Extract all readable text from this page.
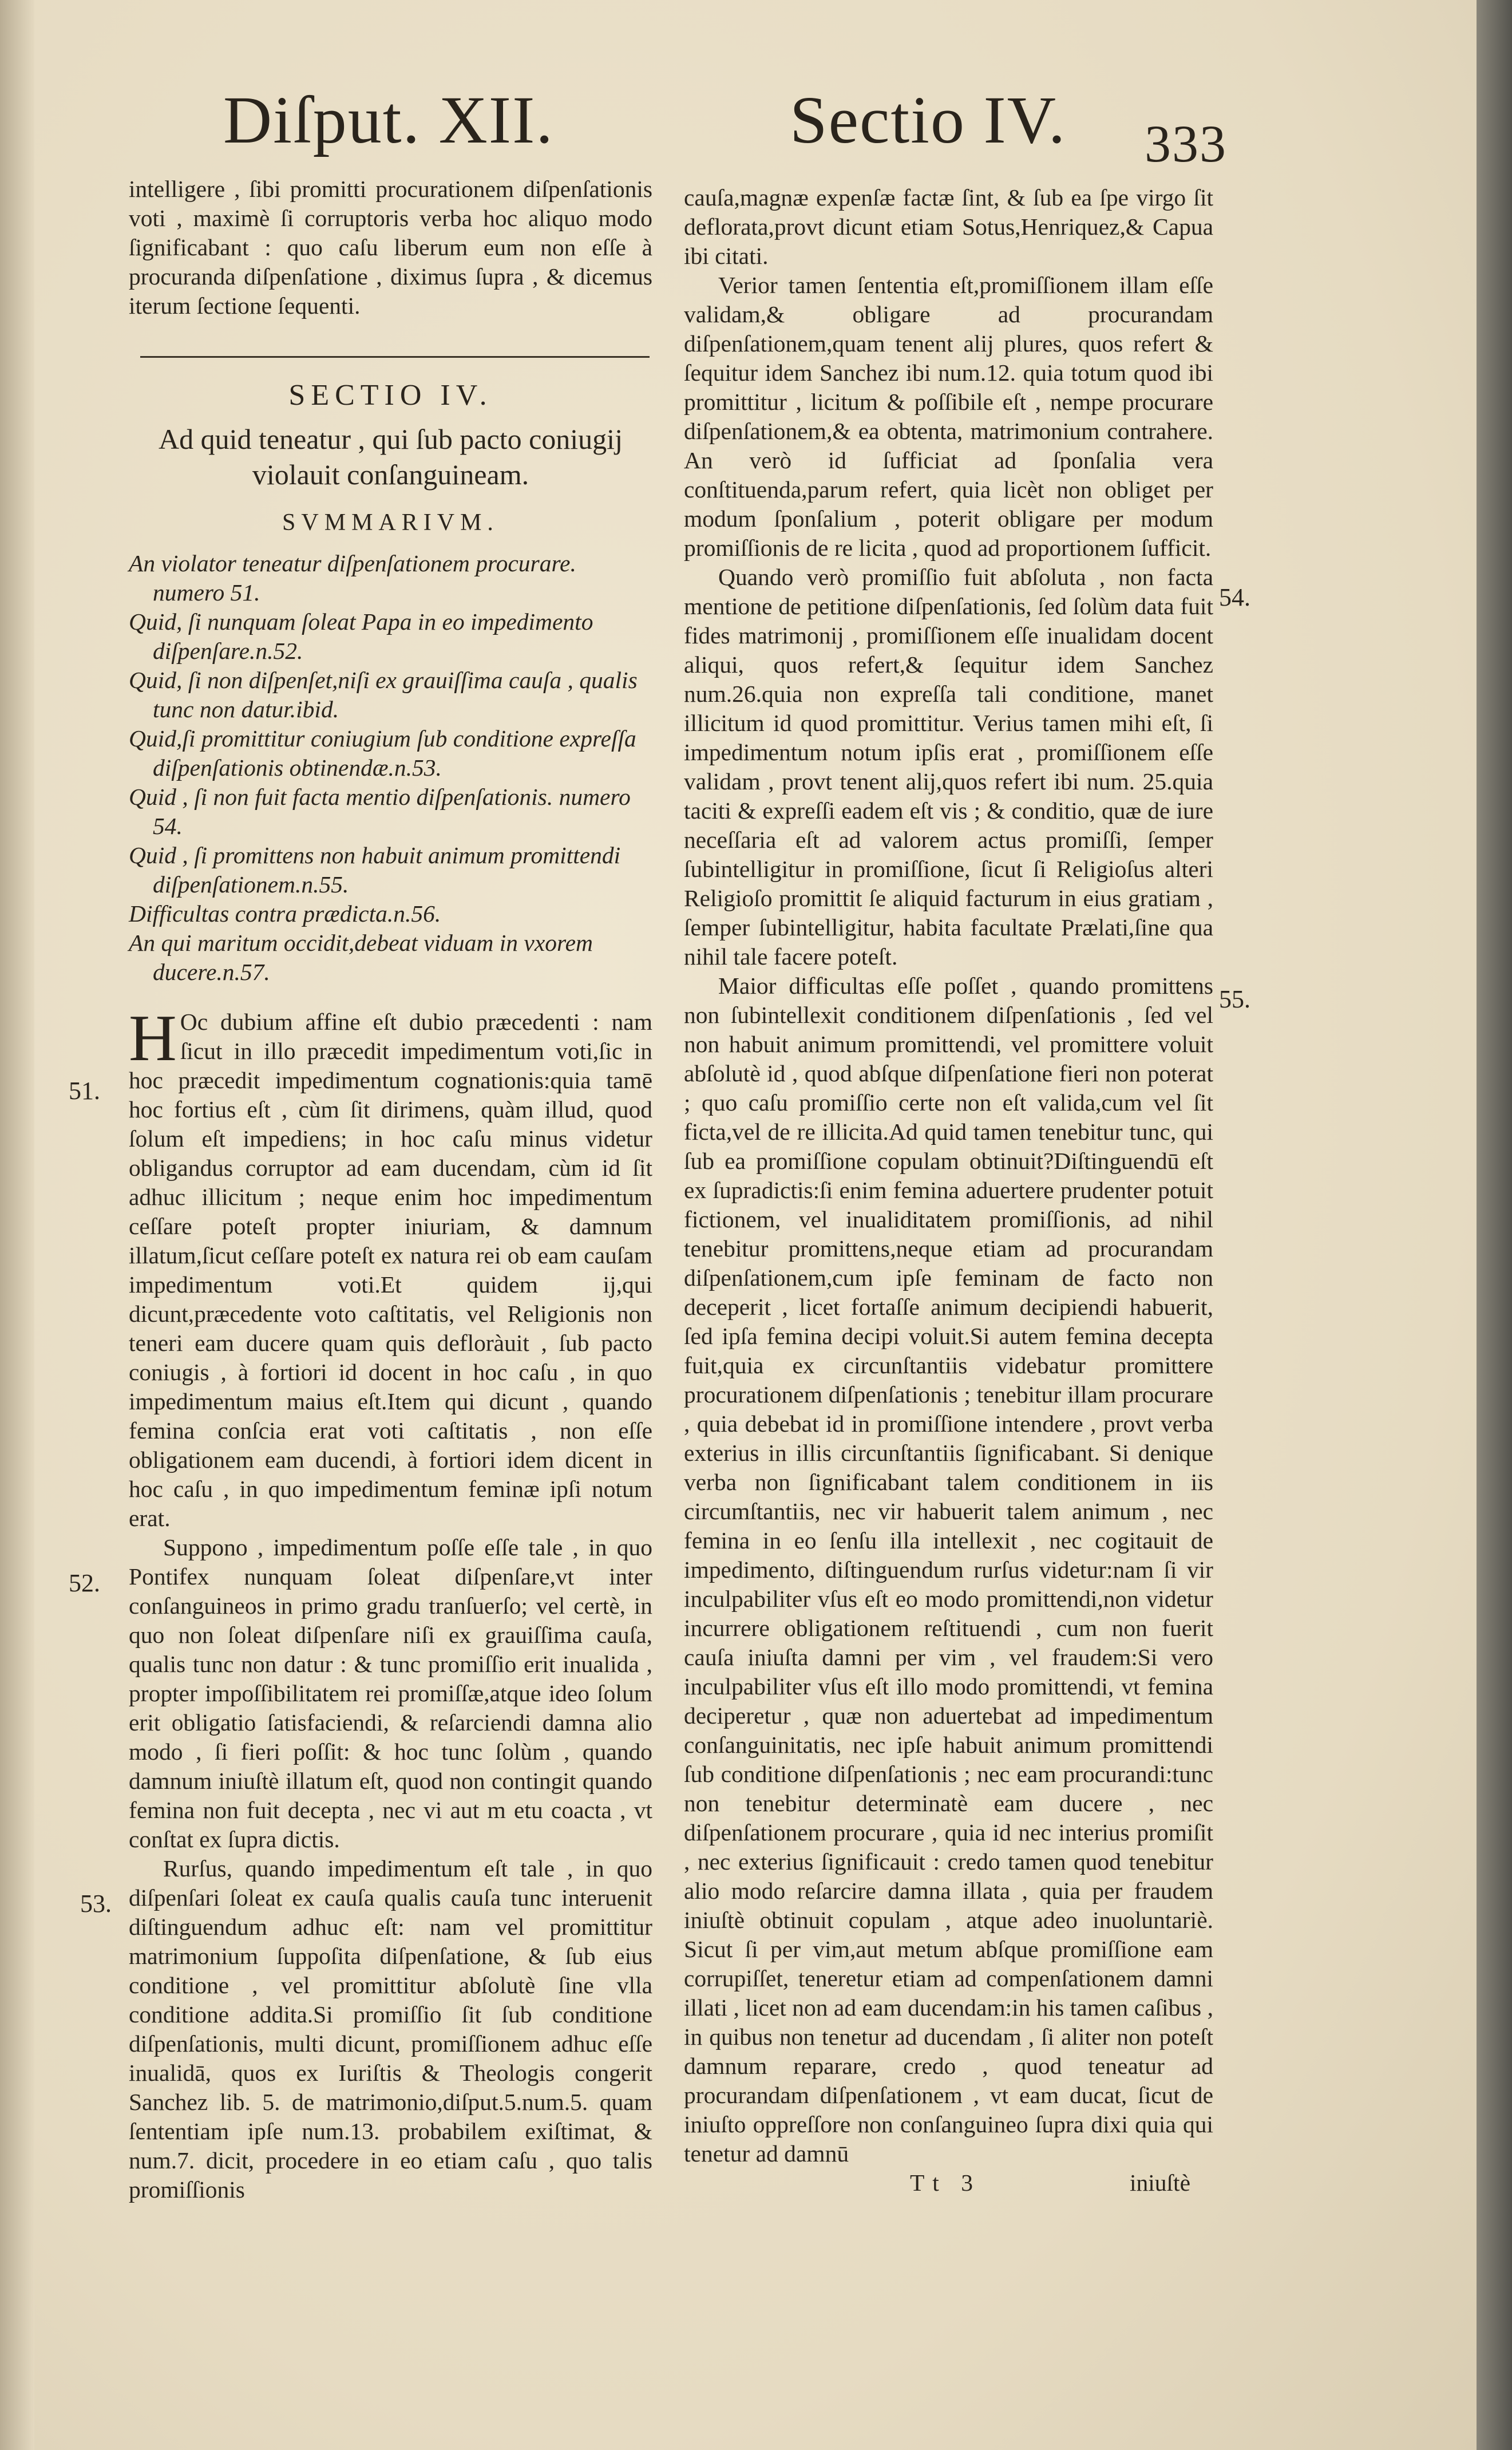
Diſput. XII.	Sectio IV. 333

intelligere , ſibi promitti procurationem diſpenſationis voti , maximè ſi corruptoris verba hoc aliquo modo ſignificabant : quo caſu liberum eum non eſſe à procuranda diſpenſatione , diximus ſupra , & dicemus iterum ſectione ſequenti.

SECTIO IV.
Ad quid teneatur , qui ſub pacto coniugij violauit conſanguineam.
SVMMARIVM.

An violator teneatur diſpenſationem procurare. numero 51.

Quid, ſi nunquam ſoleat Papa in eo impedimento diſpenſare.n.52.

Quid, ſi non diſpenſet,niſi ex grauiſſima cauſa , qualis tunc non datur.ibid.

Quid,ſi promittitur coniugium ſub conditione expreſſa diſpenſationis obtinendæ.n.53.

Quid , ſi non fuit facta mentio diſpenſationis. numero 54.

Quid , ſi promittens non habuit animum promittendi diſpenſationem.n.55.

Difficultas contra prædicta.n.56.

An qui maritum occidit,debeat viduam in vxorem ducere.n.57.

HOc dubium affine eſt dubio præcedenti : nam ſicut in illo præcedit impedimentum voti,ſic in hoc præcedit impedimentum cognationis:quia tamē hoc fortius eſt , cùm ſit dirimens, quàm illud, quod ſolum eſt impediens; in hoc caſu minus videtur obligandus corruptor ad eam ducendam, cùm id ſit adhuc illicitum ; neque enim hoc impedimentum ceſſare poteſt propter iniuriam, & damnum illatum,ſicut ceſſare poteſt ex natura rei ob eam cauſam impedimentum voti.Et quidem ij,qui dicunt,præcedente voto caſtitatis, vel Religionis non teneri eam ducere quam quis defloràuit , ſub pacto coniugis , à fortiori id docent in hoc caſu , in quo impedimentum maius eſt.Item qui dicunt , quando femina conſcia erat voti caſtitatis , non eſſe obligationem eam ducendi, à fortiori idem dicent in hoc caſu , in quo impedimentum feminæ ipſi notum erat.

Suppono , impedimentum poſſe eſſe tale , in quo Pontifex nunquam ſoleat diſpenſare,vt inter conſanguineos in primo gradu tranſuerſo; vel certè, in quo non ſoleat diſpenſare niſi ex grauiſſima cauſa, qualis tunc non datur : & tunc promiſſio erit inualida , propter impoſſibilitatem rei promiſſæ,atque ideo ſolum erit obligatio ſatisfaciendi, & reſarciendi damna alio modo , ſi fieri poſſit: & hoc tunc ſolùm , quando damnum iniuſtè illatum eſt, quod non contingit quando femina non fuit decepta , nec vi aut m etu coacta , vt conſtat ex ſupra dictis.

Rurſus, quando impedimentum eſt tale , in quo diſpenſari ſoleat ex cauſa qualis cauſa tunc interuenit diſtinguendum adhuc eſt: nam vel promittitur matrimonium ſuppoſita diſpenſatione, & ſub eius conditione , vel promittitur abſolutè ſine vlla conditione addita.Si promiſſio ſit ſub conditione diſpenſationis, multi dicunt, promiſſionem adhuc eſſe inualidā, quos ex Iuriſtis & Theologis congerit Sanchez lib. 5. de matrimonio,diſput.5.num.5. quam ſententiam ipſe num.13. probabilem exiſtimat, & num.7. dicit, procedere in eo etiam caſu , quo talis promiſſionis

51.
52.
53.

cauſa,magnæ expenſæ factæ ſint, & ſub ea ſpe virgo ſit deflorata,provt dicunt etiam Sotus,Henriquez,& Capua ibi citati.

Verior tamen ſententia eſt,promiſſionem illam eſſe validam,& obligare ad procurandam diſpenſationem,quam tenent alij plures, quos refert & ſequitur idem Sanchez ibi num.12. quia totum quod ibi promittitur , licitum & poſſibile eſt , nempe procurare diſpenſationem,& ea obtenta, matrimonium contrahere. An verò id ſufficiat ad ſponſalia vera conſtituenda,parum refert, quia licèt non obliget per modum ſponſalium , poterit obligare per modum promiſſionis de re licita , quod ad proportionem ſufficit.

Quando verò promiſſio fuit abſoluta , non facta mentione de petitione diſpenſationis, ſed ſolùm data fuit fides matrimonij , promiſſionem eſſe inualidam docent aliqui, quos refert,& ſequitur idem Sanchez num.26.quia non expreſſa tali conditione, manet illicitum id quod promittitur. Verius tamen mihi eſt, ſi impedimentum notum ipſis erat , promiſſionem eſſe validam , provt tenent alij,quos refert ibi num. 25.quia taciti & expreſſi eadem eſt vis ; & conditio, quæ de iure neceſſaria eſt ad valorem actus promiſſi, ſemper ſubintelligitur in promiſſione, ſicut ſi Religioſus alteri Religioſo promittit ſe aliquid facturum in eius gratiam , ſemper ſubintelligitur, habita facultate Prælati,ſine qua nihil tale facere poteſt.

Maior difficultas eſſe poſſet , quando promittens non ſubintellexit conditionem diſpenſationis , ſed vel non habuit animum promittendi, vel promittere voluit abſolutè id , quod abſque diſpenſatione fieri non poterat ; quo caſu promiſſio certe non eſt valida,cum vel ſit ficta,vel de re illicita.Ad quid tamen tenebitur tunc, qui ſub ea promiſſione copulam obtinuit?Diſtinguendū eſt ex ſupradictis:ſi enim femina aduertere prudenter potuit fictionem, vel inualiditatem promiſſionis, ad nihil tenebitur promittens,neque etiam ad procurandam diſpenſationem,cum ipſe feminam de facto non deceperit , licet fortaſſe animum decipiendi habuerit, ſed ipſa femina decipi voluit.Si autem femina decepta fuit,quia ex circunſtantiis videbatur promittere procurationem diſpenſationis ; tenebitur illam procurare , quia debebat id in promiſſione intendere , provt verba exterius in illis circunſtantiis ſignificabant. Si denique verba non ſignificabant talem conditionem in iis circumſtantiis, nec vir habuerit talem animum , nec femina in eo ſenſu illa intellexit , nec cogitauit de impedimento, diſtinguendum rurſus videtur:nam ſi vir inculpabiliter vſus eſt eo modo promittendi,non videtur incurrere obligationem reſtituendi , cum non fuerit cauſa iniuſta damni per vim , vel fraudem:Si vero inculpabiliter vſus eſt illo modo promittendi, vt femina deciperetur , quæ non aduertebat ad impedimentum conſanguinitatis, nec ipſe habuit animum promittendi ſub conditione diſpenſationis ; nec eam procurandi:tunc non tenebitur determinatè eam ducere , nec diſpenſationem procurare , quia id nec interius promiſit , nec exterius ſignificauit : credo tamen quod tenebitur alio modo reſarcire damna illata , quia per fraudem iniuſtè obtinuit copulam , atque adeo inuoluntariè. Sicut ſi per vim,aut metum abſque promiſſione eam corrupiſſet, teneretur etiam ad compenſationem damni illati , licet non ad eam ducendam:in his tamen caſibus , in quibus non tenetur ad ducendam , ſi aliter non poteſt damnum reparare, credo , quod teneatur ad procurandam diſpenſationem , vt eam ducat, ſicut de iniuſto oppreſſore non conſanguineo ſupra dixi quia qui tenetur ad damnū

Tt 3	iniuſtè
54.
55.
